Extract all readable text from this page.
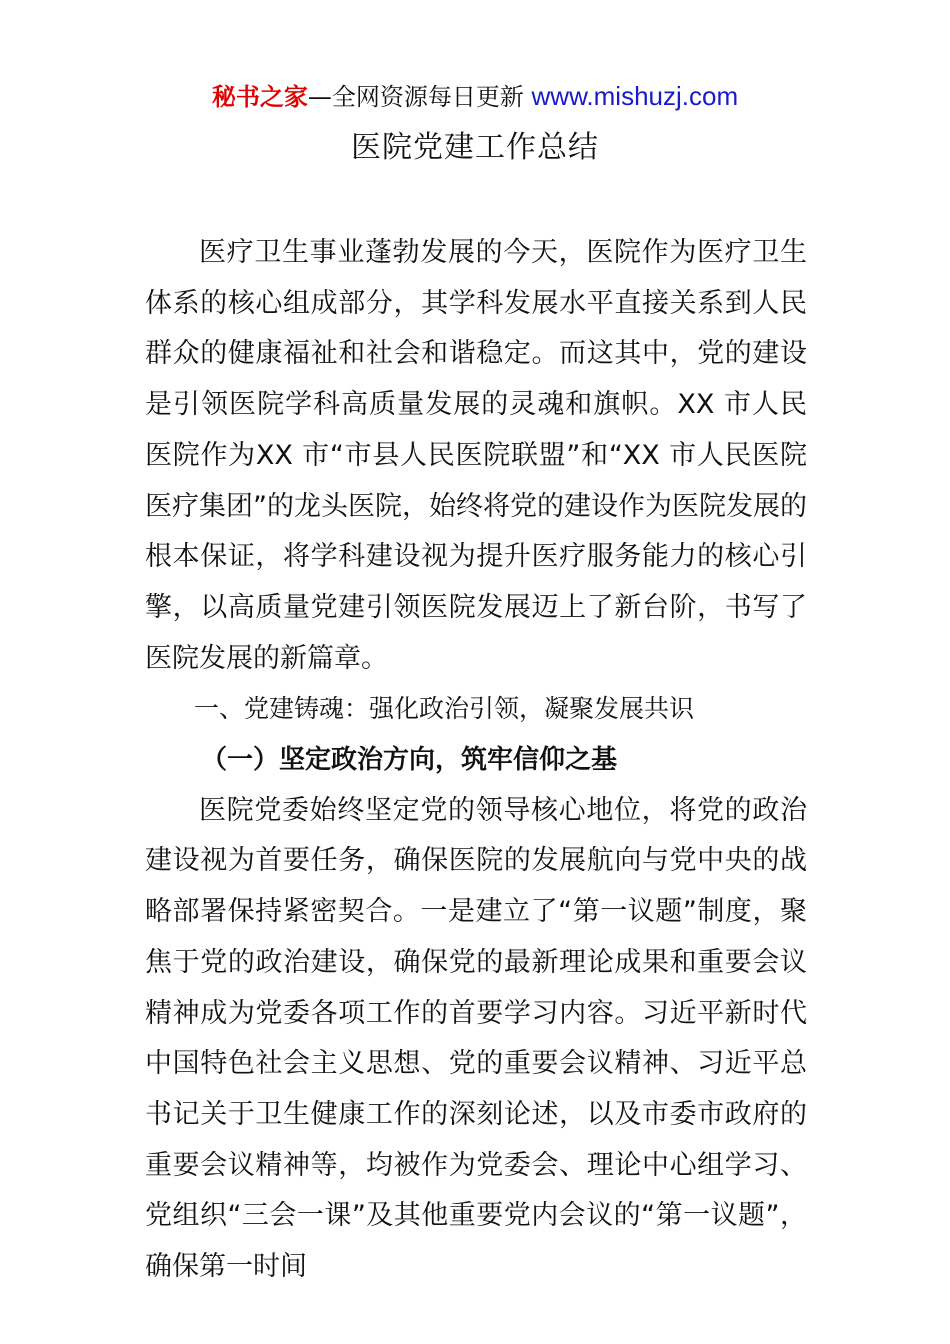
秘书之家—全网资源每日更新 www.mishuzj.com
医院党建工作总结

医疗卫生事业蓬勃发展的今天，医院作为医疗卫生体系的核心组成部分，其学科发展水平直接关系到人民群众的健康福祉和社会和谐稳定。而这其中，党的建设是引领医院学科高质量发展的灵魂和旗帜。XX 市人民医院作为XX 市“市县人民医院联盟”和“XX 市人民医院医疗集团”的龙头医院，始终将党的建设作为医院发展的根本保证，将学科建设视为提升医疗服务能力的核心引擎，以高质量党建引领医院发展迈上了新台阶，书写了医院发展的新篇章。

一、党建铸魂：强化政治引领，凝聚发展共识
（一）坚定政治方向，筑牢信仰之基

医院党委始终坚定党的领导核心地位，将党的政治建设视为首要任务，确保医院的发展航向与党中央的战略部署保持紧密契合。一是建立了“第一议题”制度，聚焦于党的政治建设，确保党的最新理论成果和重要会议精神成为党委各项工作的首要学习内容。习近平新时代中国特色社会主义思想、党的重要会议精神、习近平总书记关于卫生健康工作的深刻论述，以及市委市政府的重要会议精神等，均被作为党委会、理论中心组学习、党组织“三会一课”及其他重要党内会议的“第一议题”，确保第一时间
